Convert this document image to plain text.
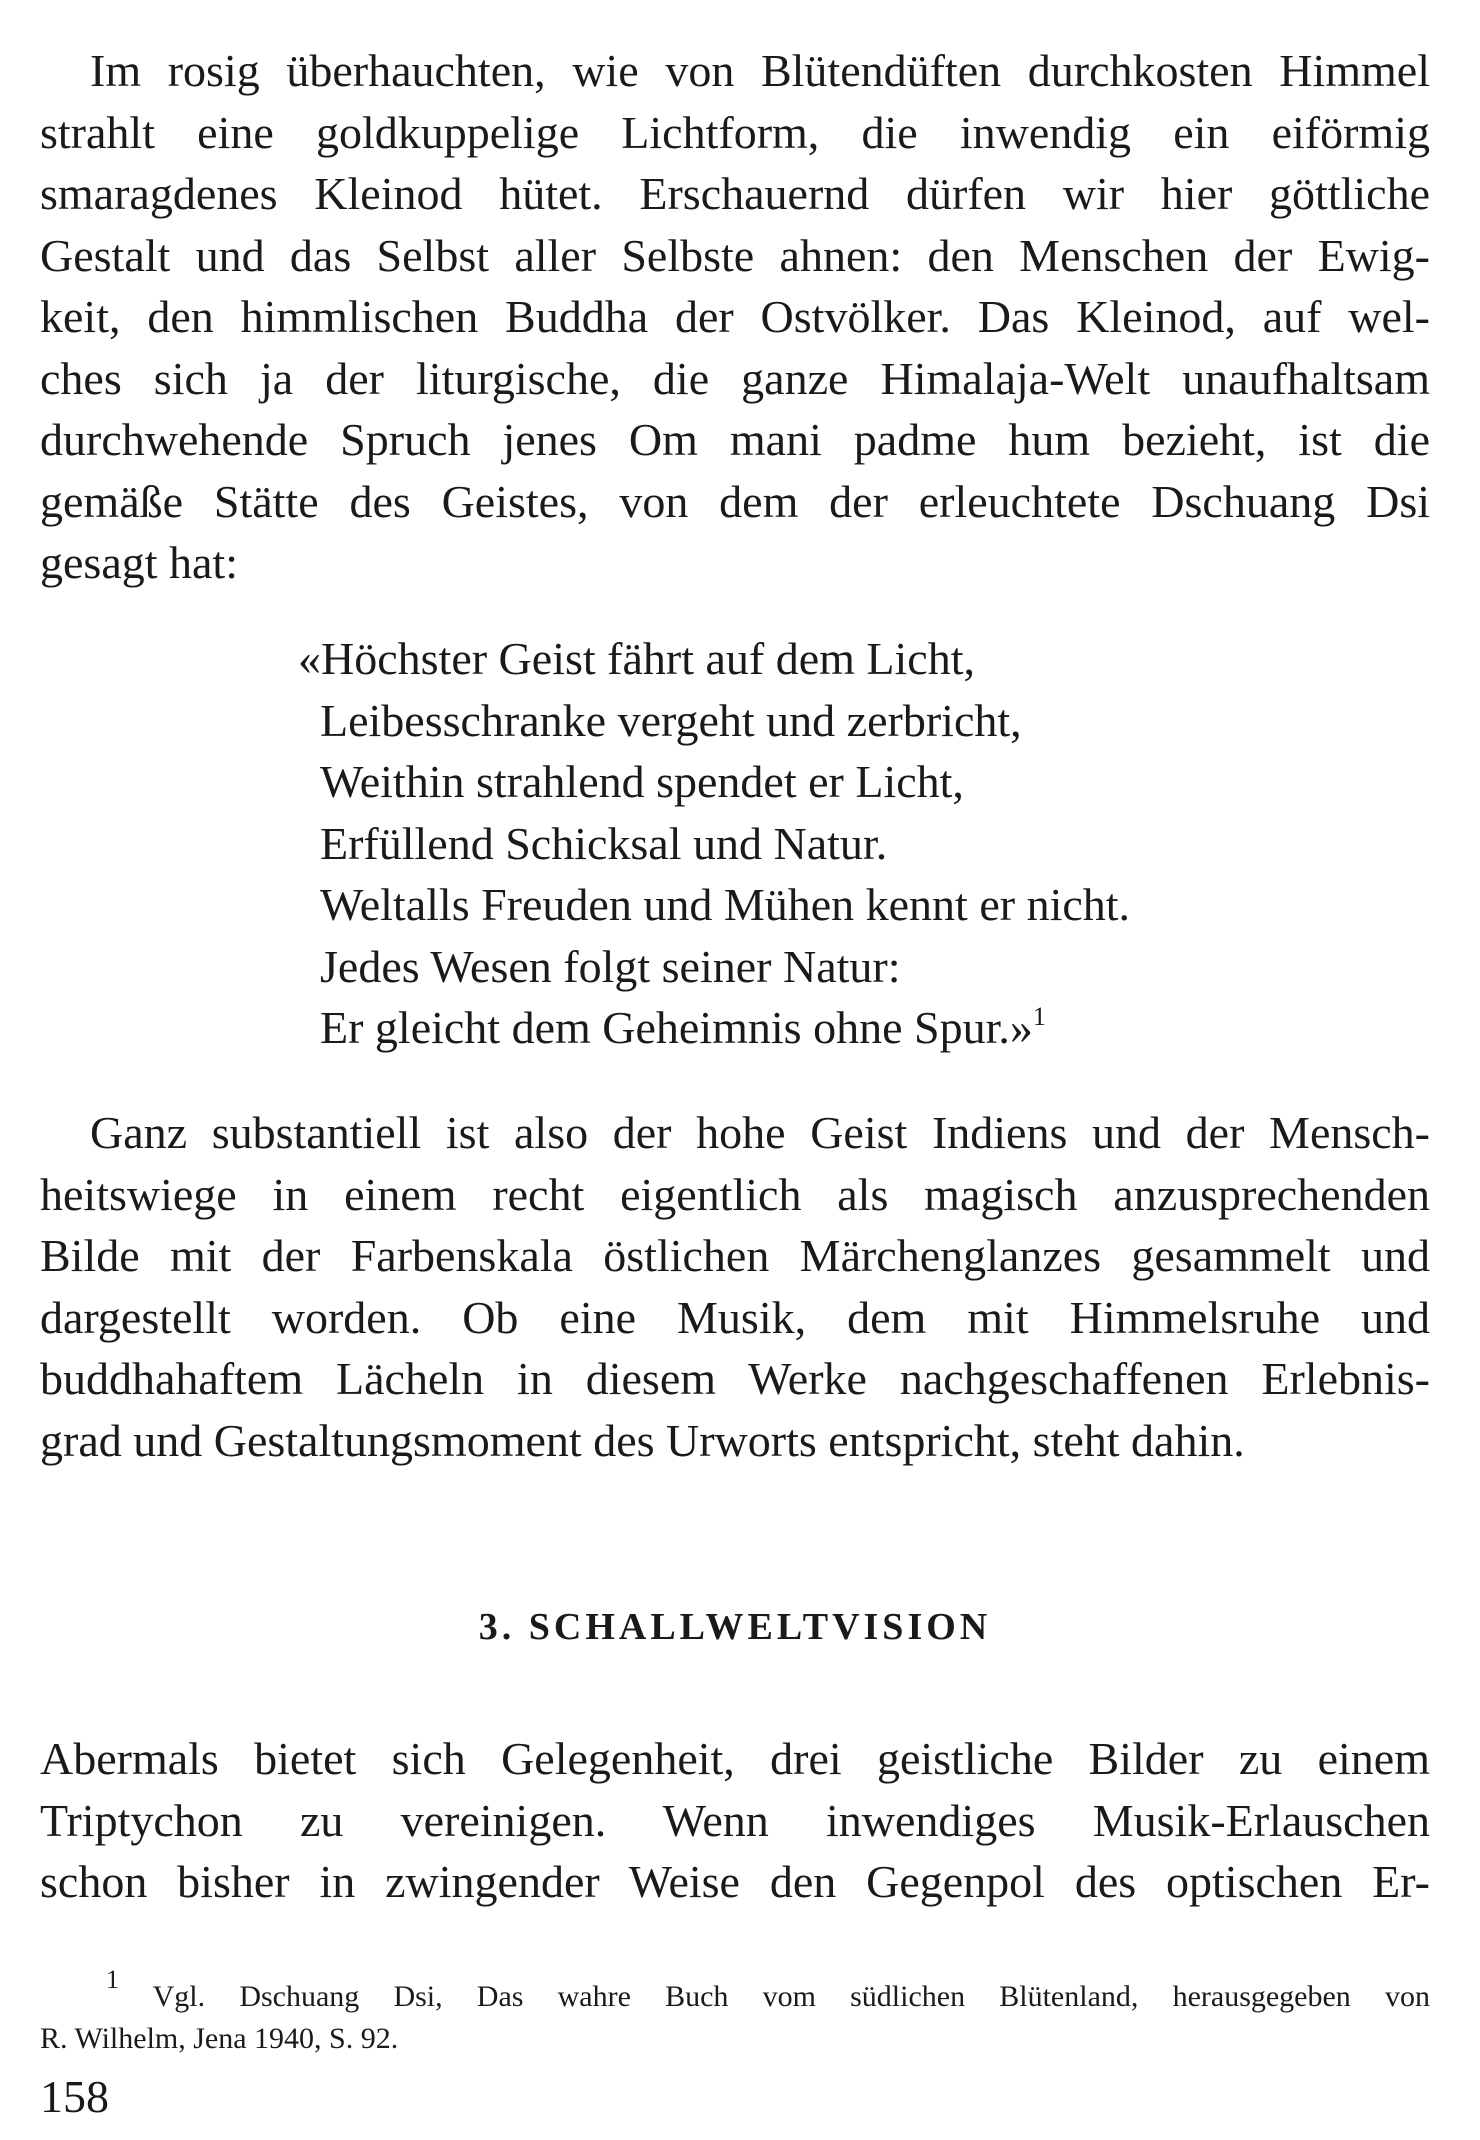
Im rosig überhauchten, wie von Blütendüften durchkosten Himmel
strahlt eine goldkuppelige Lichtform, die inwendig ein eiförmig
smaragdenes Kleinod hütet. Erschauernd dürfen wir hier göttliche
Gestalt und das Selbst aller Selbste ahnen: den Menschen der Ewig-
keit, den himmlischen Buddha der Ostvölker. Das Kleinod, auf wel-
ches sich ja der liturgische, die ganze Himalaja-Welt unaufhaltsam
durchwehende Spruch jenes Om mani padme hum bezieht, ist die
gemäße Stätte des Geistes, von dem der erleuchtete Dschuang Dsi
gesagt hat:
«Höchster Geist fährt auf dem Licht,
Leibesschranke vergeht und zerbricht,
Weithin strahlend spendet er Licht,
Erfüllend Schicksal und Natur.
Weltalls Freuden und Mühen kennt er nicht.
Jedes Wesen folgt seiner Natur:
Er gleicht dem Geheimnis ohne Spur.»$^1$
Ganz substantiell ist also der hohe Geist Indiens und der Mensch-
heitswiege in einem recht eigentlich als magisch anzusprechenden
Bilde mit der Farbenskala östlichen Märchenglanzes gesammelt und
dargestellt worden. Ob eine Musik, dem mit Himmelsruhe und
buddhahaftem Lächeln in diesem Werke nachgeschaffenen Erlebnis-
grad und Gestaltungsmoment des Urworts entspricht, steht dahin.
3. SCHALLWELTVISION
Abermals bietet sich Gelegenheit, drei geistliche Bilder zu einem
Triptychon zu vereinigen. Wenn inwendiges Musik-Erlauschen
schon bisher in zwingender Weise den Gegenpol des optischen Er-
$^1$ Vgl. Dschuang Dsi, Das wahre Buch vom südlichen Blütenland, herausgegeben von
R. Wilhelm, Jena 1940, S. 92.
158
